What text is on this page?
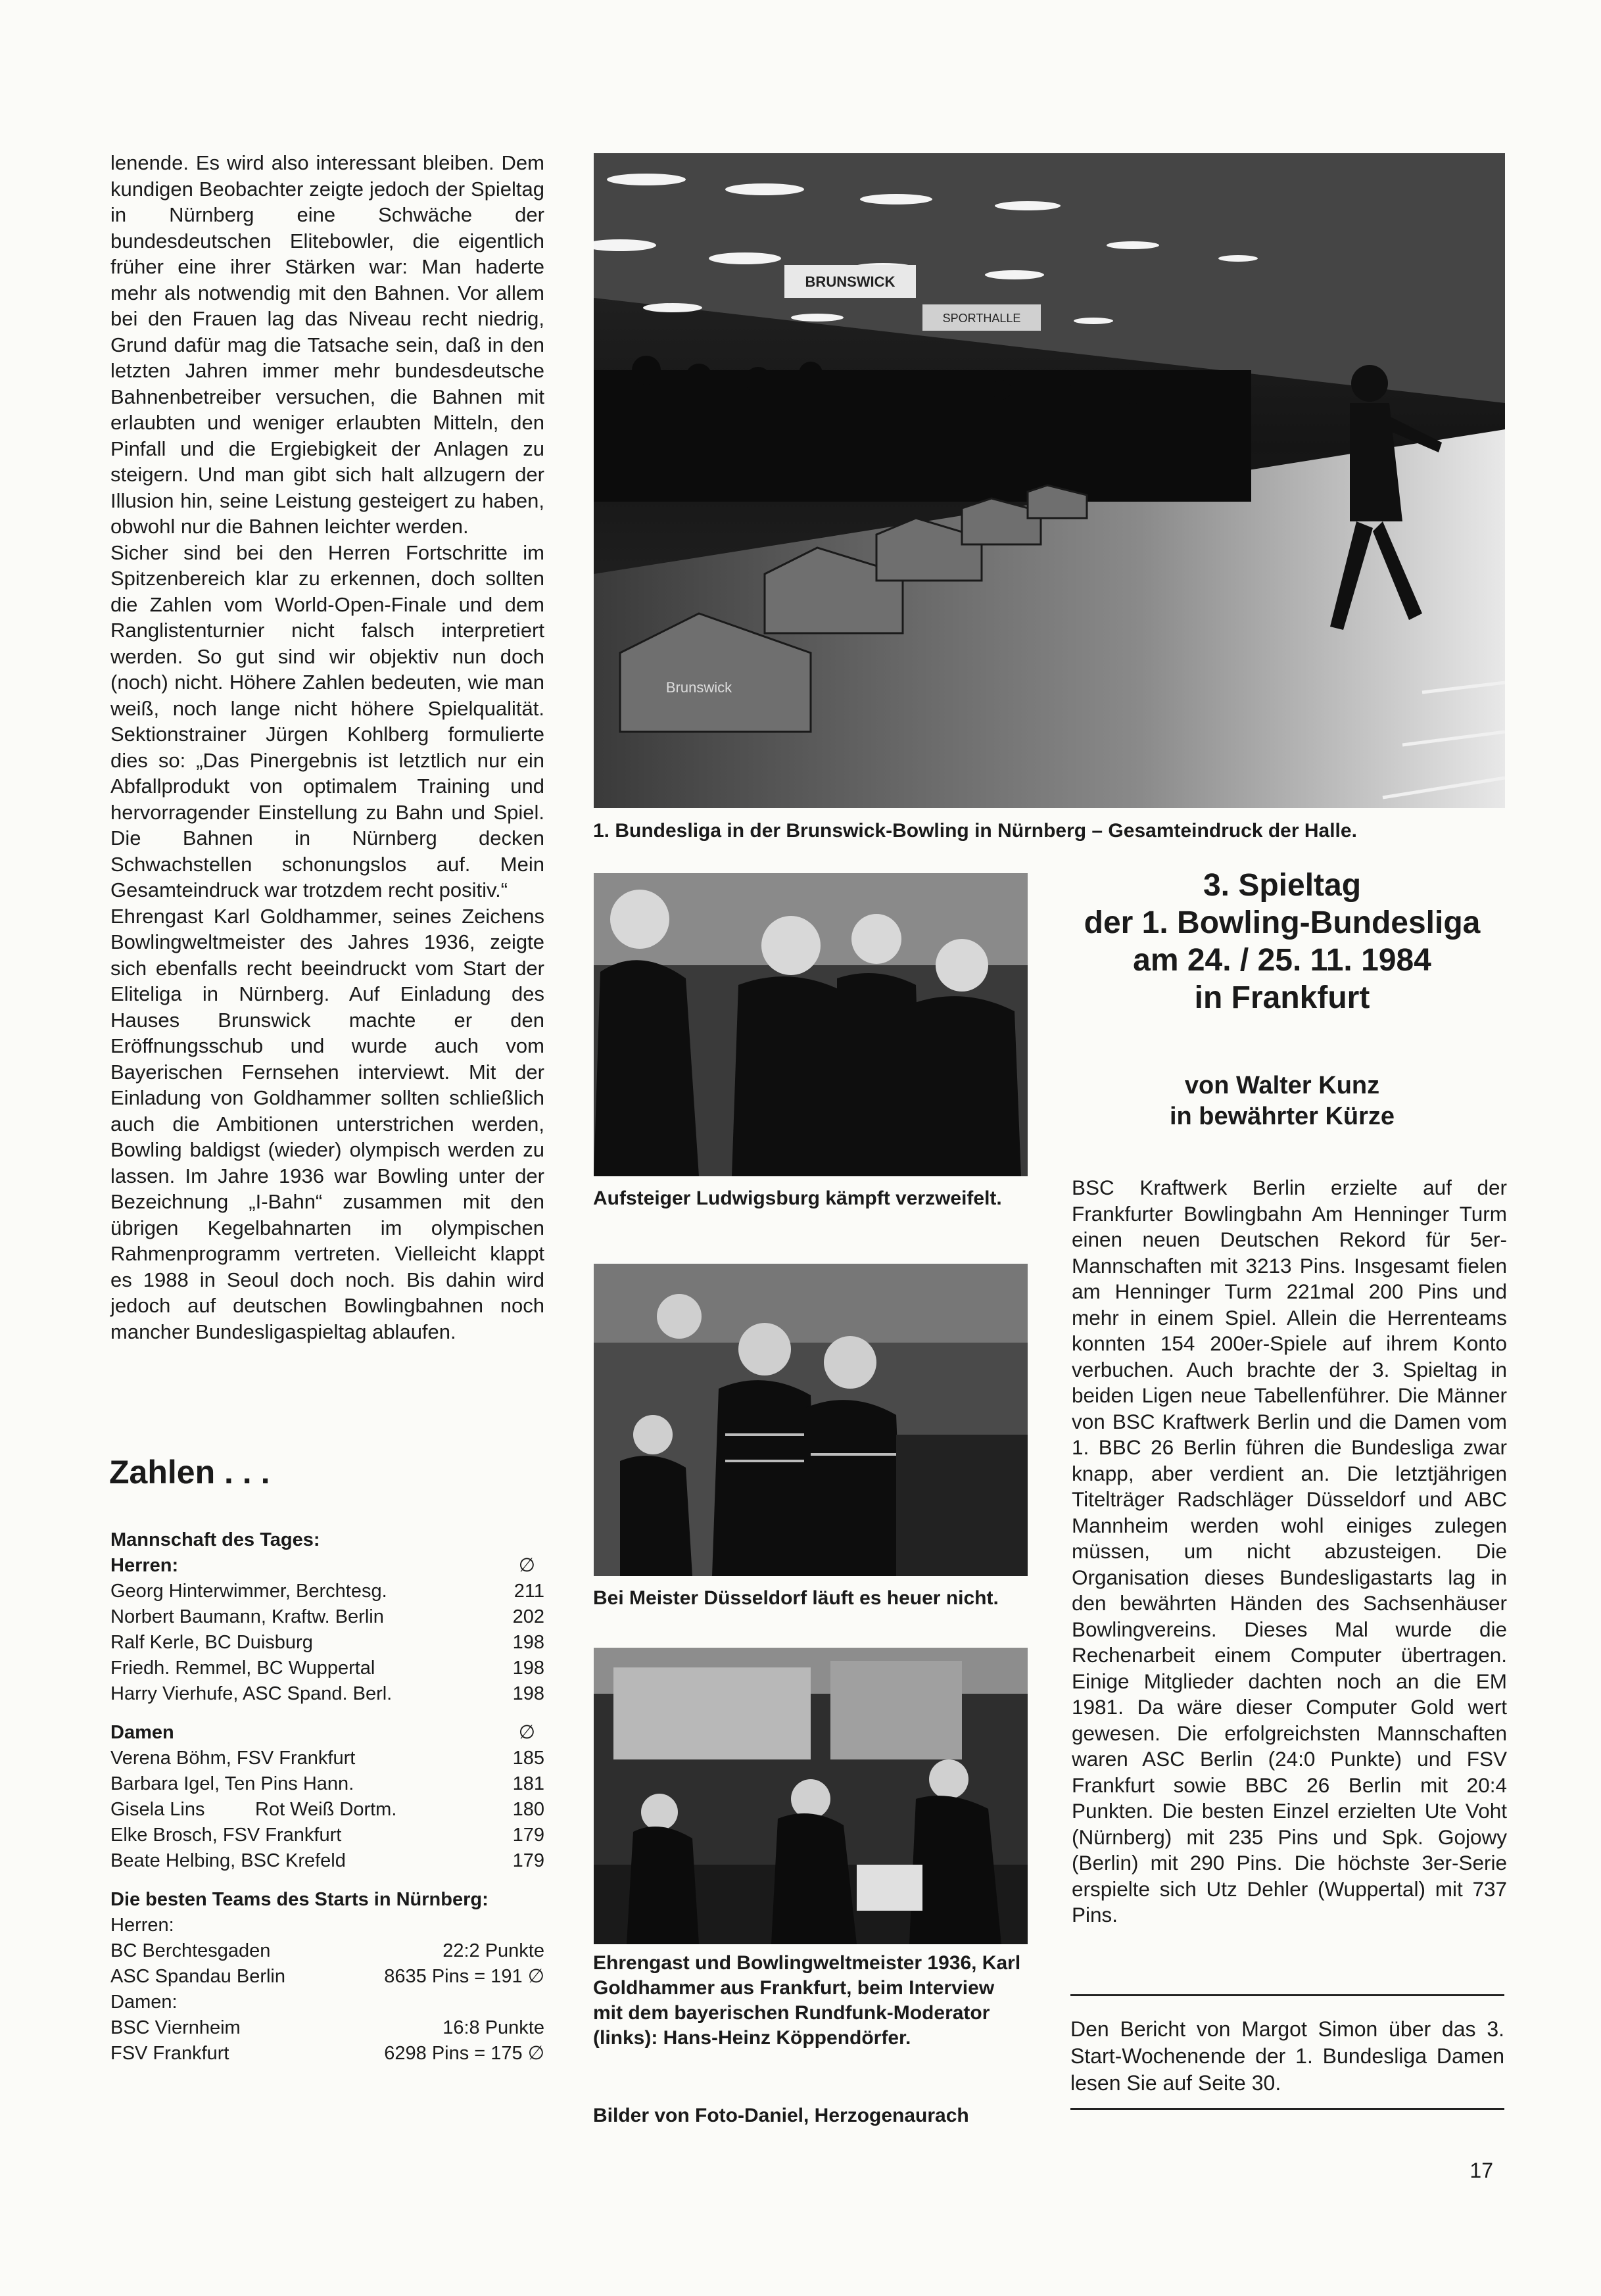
lenende. Es wird also interessant bleiben. Dem kundigen Beobachter zeigte jedoch der Spieltag in Nürnberg eine Schwäche der bundesdeutschen Elitebowler, die eigentlich früher eine ihrer Stärken war: Man haderte mehr als notwendig mit den Bahnen. Vor allem bei den Frauen lag das Niveau recht niedrig, Grund dafür mag die Tatsache sein, daß in den letzten Jahren immer mehr bundesdeutsche Bahnenbetreiber versuchen, die Bahnen mit erlaubten und weniger erlaubten Mitteln, den Pinfall und die Ergiebigkeit der Anlagen zu steigern. Und man gibt sich halt allzugern der Illusion hin, seine Leistung gesteigert zu haben, obwohl nur die Bahnen leichter werden.

Sicher sind bei den Herren Fortschritte im Spitzenbereich klar zu erkennen, doch sollten die Zahlen vom World-Open-Finale und dem Ranglistenturnier nicht falsch interpretiert werden. So gut sind wir objektiv nun doch (noch) nicht. Höhere Zahlen bedeuten, wie man weiß, noch lange nicht höhere Spielqualität. Sektionstrainer Jürgen Kohlberg formulierte dies so: „Das Pinergebnis ist letztlich nur ein Abfallprodukt von optimalem Training und hervorragender Einstellung zu Bahn und Spiel. Die Bahnen in Nürnberg decken Schwachstellen schonungslos auf. Mein Gesamteindruck war trotzdem recht positiv.“

Ehrengast Karl Goldhammer, seines Zeichens Bowlingweltmeister des Jahres 1936, zeigte sich ebenfalls recht beeindruckt vom Start der Eliteliga in Nürnberg. Auf Einladung des Hauses Brunswick machte er den Eröffnungsschub und wurde auch vom Bayerischen Fernsehen interviewt. Mit der Einladung von Goldhammer sollten schließlich auch die Ambitionen unterstrichen werden, Bowling baldigst (wieder) olympisch werden zu lassen. Im Jahre 1936 war Bowling unter der Bezeichnung „I-Bahn“ zusammen mit den übrigen Kegelbahnarten im olympischen Rahmenprogramm vertreten. Vielleicht klappt es 1988 in Seoul doch noch. Bis dahin wird jedoch auf deutschen Bowlingbahnen noch mancher Bundesligaspieltag ablaufen.

BRUNSWICK
SPORTHALLE
Brunswick
1. Bundesliga in der Brunswick-Bowling in Nürnberg – Gesamteindruck der Halle.
Aufsteiger Ludwigsburg kämpft verzweifelt.
Bei Meister Düsseldorf läuft es heuer nicht.
Ehrengast und Bowlingweltmeister 1936, Karl Goldhammer aus Frankfurt, beim Interview mit dem bayerischen Rundfunk-Moderator (links): Hans-Heinz Köppendörfer.
Bilder von Foto-Daniel, Herzogenaurach
3. Spieltag
der 1. Bowling-Bundesliga
am 24. / 25. 11. 1984
in Frankfurt
von Walter Kunz
in bewährter Kürze

BSC Kraftwerk Berlin erzielte auf der Frankfurter Bowlingbahn Am Henninger Turm einen neuen Deutschen Rekord für 5er-Mannschaften mit 3213 Pins. Insgesamt fielen am Henninger Turm 221mal 200 Pins und mehr in einem Spiel. Allein die Herrenteams konnten 154 200er-Spiele auf ihrem Konto verbuchen. Auch brachte der 3. Spieltag in beiden Ligen neue Tabellenführer. Die Männer von BSC Kraftwerk Berlin und die Damen vom 1. BBC 26 Berlin führen die Bundesliga zwar knapp, aber verdient an. Die letztjährigen Titelträger Radschläger Düsseldorf und ABC Mannheim werden wohl einiges zulegen müssen, um nicht abzusteigen. Die Organisation dieses Bundesligastarts lag in den bewährten Händen des Sachsenhäuser Bowlingvereins. Dieses Mal wurde die Rechenarbeit einem Computer übertragen. Einige Mitglieder dachten noch an die EM 1981. Da wäre dieser Computer Gold wert gewesen. Die erfolgreichsten Mannschaften waren ASC Berlin (24:0 Punkte) und FSV Frankfurt sowie BBC 26 Berlin mit 20:4 Punkten. Die besten Einzel erzielten Ute Voht (Nürnberg) mit 235 Pins und Spk. Gojowy (Berlin) mit 290 Pins. Die höchste 3er-Serie erspielte sich Utz Dehler (Wuppertal) mit 737 Pins.

Den Bericht von Margot Simon über das 3. Start-Wochenende der 1. Bundesliga Damen lesen Sie auf Seite 30.
Zahlen . . .
Mannschaft des Tages:
Herren:	∅
Georg Hinterwimmer, Berchtesg.	211
Norbert Baumann, Kraftw. Berlin	202
Ralf Kerle, BC Duisburg	198
Friedh. Remmel, BC Wuppertal	198
Harry Vierhufe, ASC Spand. Berl.	198
Damen	∅
Verena Böhm, FSV Frankfurt	185
Barbara Igel, Ten Pins Hann.	181
Gisela Lins	Rot Weiß Dortm.	180
Elke Brosch, FSV Frankfurt	179
Beate Helbing, BSC Krefeld	179
Die besten Teams des Starts in Nürnberg:
Herren:
BC Berchtesgaden	22:2 Punkte
ASC Spandau Berlin	8635 Pins = 191 ∅
Damen:
BSC Viernheim	16:8 Punkte
FSV Frankfurt	6298 Pins = 175 ∅
17
